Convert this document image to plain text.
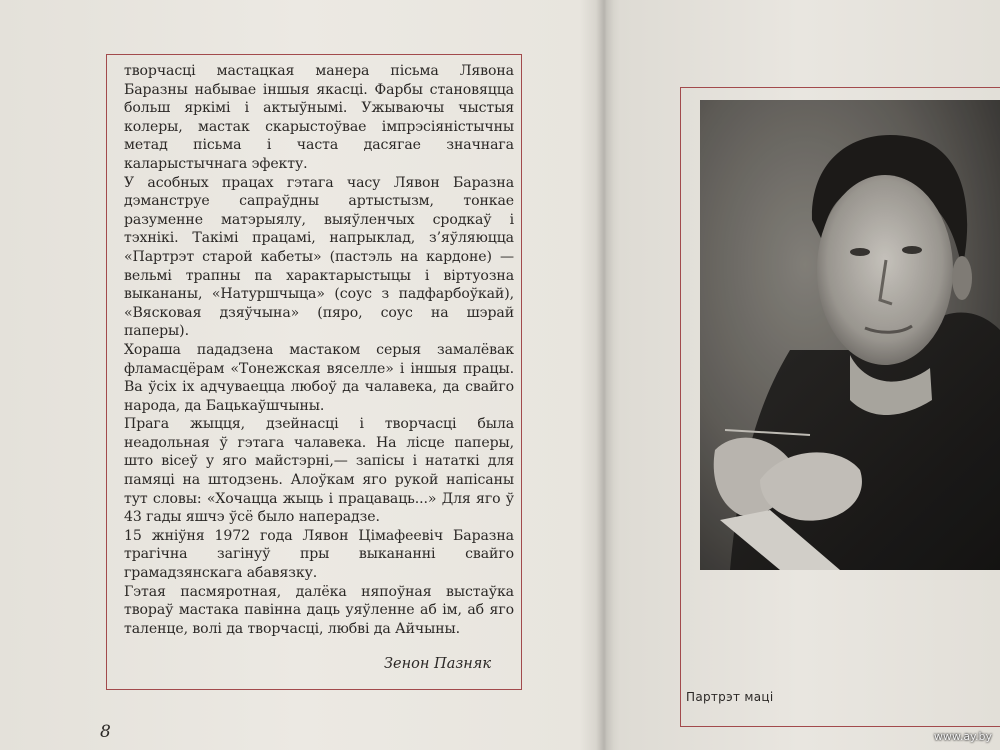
творчасці мастацкая манера пісьма Лявона Баразны набывае іншыя якасці. Фарбы становяцца больш яркімі і актыўнымі. Ужываючы чыстыя колеры, мастак скарыстоўвае імпрэсіяністычны метад пісьма і часта дасягае значнага каларыстычнага эфекту.

У асобных працах гэтага часу Лявон Баразна дэманструе сапраўдны артыстызм, тонкае разуменне матэрыялу, выяўленчых сродкаў і тэхнікі. Такімі працамі, напрыклад, з’яўляюцца «Партрэт старой кабеты» (пастэль на кардоне) — вельмі трапны па характарыстыцы і віртуозна выкананы, «Натуршчыца» (соус з падфарбоўкай), «Вясковая дзяўчына» (пяро, соус на шэрай паперы).

Хораша пададзена мастаком серыя замалёвак фламасцёрам «Тонежская вяселле» і іншыя працы. Ва ўсіх іх адчуваецца любоў да чалавека, да свайго народа, да Бацькаўшчыны.

Прага жыцця, дзейнасці і творчасці была неадольная ў гэтага чалавека. На лісце паперы, што вісеў у яго майстэрні,— запісы і нататкі для памяці на штодзень. Алоўкам яго рукой напісаны тут словы: «Хочацца жыць і працаваць...» Для яго ў 43 гады яшчэ ўсё было наперадзе.

15 жніўня 1972 года Лявон Цімафеевіч Баразна трагічна загінуў пры выкананні свайго грамадзянскага абавязку.

Гэтая пасмяротная, далёка няпоўная выстаўка твораў мастака павінна даць уяўленне аб ім, аб яго таленце, волі да творчасці, любві да Айчыны.

Зенон Пазняк
8
Партрэт маці
www.ay.by
